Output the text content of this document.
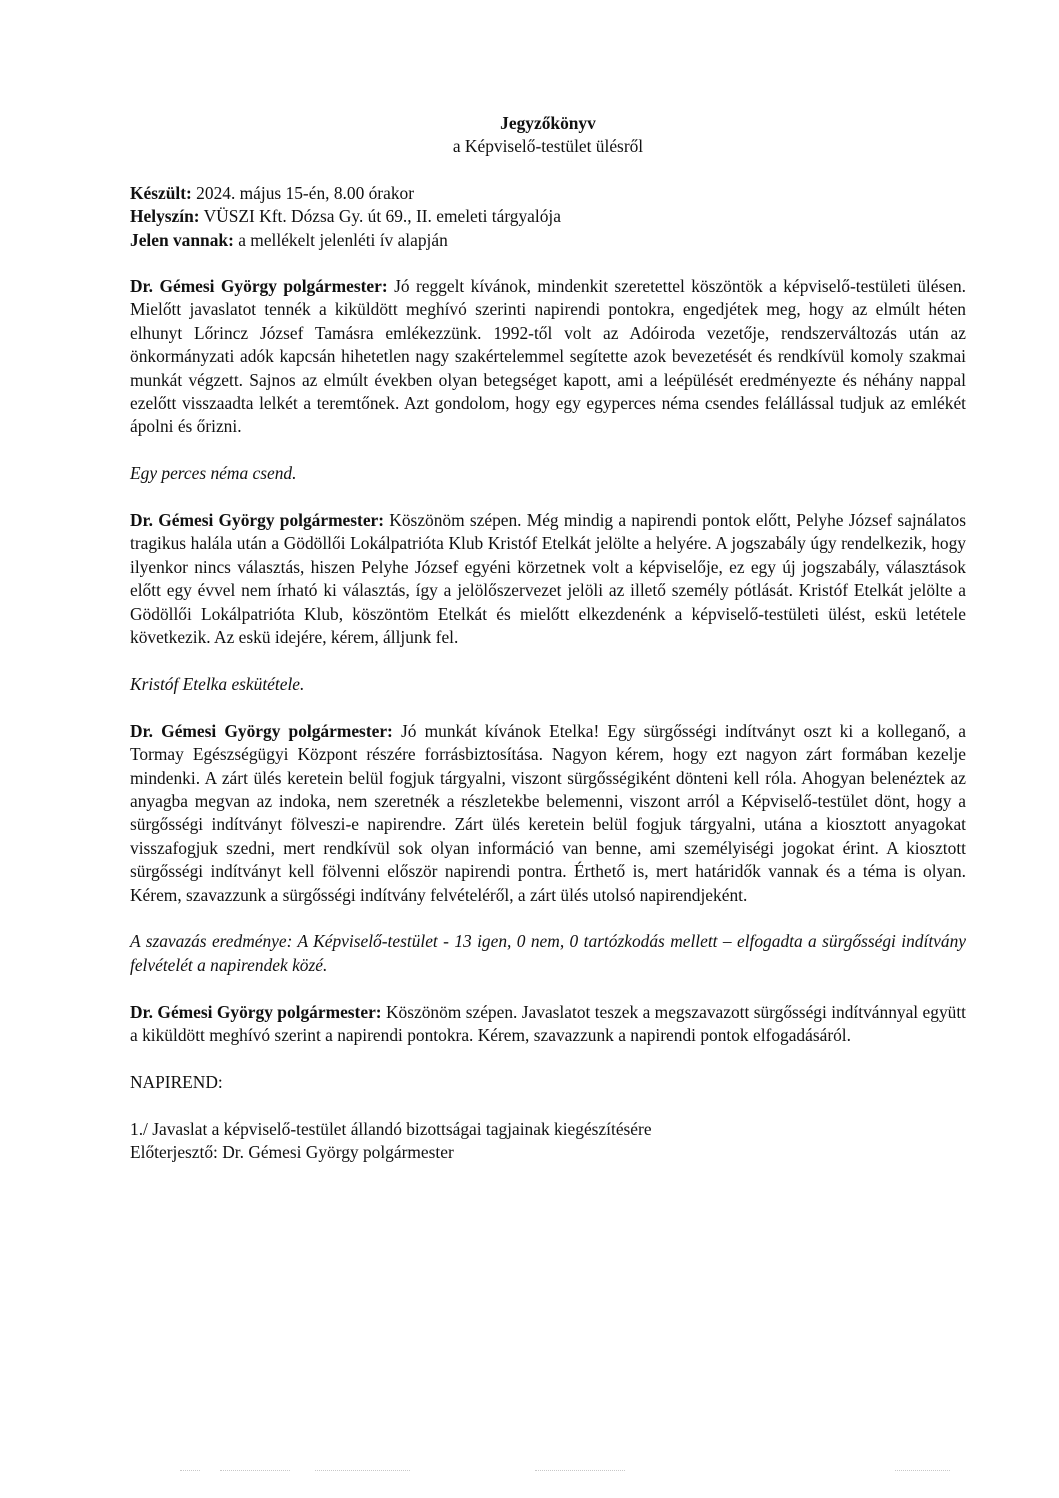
Jegyzőkönyv

a Képviselő-testület ülésről

Készült: 2024. május 15-én, 8.00 órakor

Helyszín: VÜSZI Kft. Dózsa Gy. út 69., II. emeleti tárgyalója

Jelen vannak: a mellékelt jelenléti ív alapján

Dr. Gémesi György polgármester: Jó reggelt kívánok, mindenkit szeretettel köszöntök a képviselő-testületi ülésen. Mielőtt javaslatot tennék a kiküldött meghívó szerinti napirendi pontokra, engedjétek meg, hogy az elmúlt héten elhunyt Lőrincz József Tamásra emlékezzünk. 1992-től volt az Adóiroda vezetője, rendszerváltozás után az önkormányzati adók kapcsán hihetetlen nagy szakértelemmel segítette azok bevezetését és rendkívül komoly szakmai munkát végzett. Sajnos az elmúlt években olyan betegséget kapott, ami a leépülését eredményezte és néhány nappal ezelőtt visszaadta lelkét a teremtőnek. Azt gondolom, hogy egy egyperces néma csendes felállással tudjuk az emlékét ápolni és őrizni.

Egy perces néma csend.

Dr. Gémesi György polgármester: Köszönöm szépen. Még mindig a napirendi pontok előtt, Pelyhe József sajnálatos tragikus halála után a Gödöllői Lokálpatrióta Klub Kristóf Etelkát jelölte a helyére. A jogszabály úgy rendelkezik, hogy ilyenkor nincs választás, hiszen Pelyhe József egyéni körzetnek volt a képviselője, ez egy új jogszabály, választások előtt egy évvel nem írható ki választás, így a jelölőszervezet jelöli az illető személy pótlását. Kristóf Etelkát jelölte a Gödöllői Lokálpatrióta Klub, köszöntöm Etelkát és mielőtt elkezdenénk a képviselő-testületi ülést, eskü letétele következik. Az eskü idejére, kérem, álljunk fel.

Kristóf Etelka eskütétele.

Dr. Gémesi György polgármester: Jó munkát kívánok Etelka! Egy sürgősségi indítványt oszt ki a kolleganő, a Tormay Egészségügyi Központ részére forrásbiztosítása. Nagyon kérem, hogy ezt nagyon zárt formában kezelje mindenki. A zárt ülés keretein belül fogjuk tárgyalni, viszont sürgősségiként dönteni kell róla. Ahogyan belenéztek az anyagba megvan az indoka, nem szeretnék a részletekbe belemenni, viszont arról a Képviselő-testület dönt, hogy a sürgősségi indítványt fölveszi-e napirendre. Zárt ülés keretein belül fogjuk tárgyalni, utána a kiosztott anyagokat visszafogjuk szedni, mert rendkívül sok olyan információ van benne, ami személyiségi jogokat érint. A kiosztott sürgősségi indítványt kell fölvenni először napirendi pontra. Érthető is, mert határidők vannak és a téma is olyan. Kérem, szavazzunk a sürgősségi indítvány felvételéről, a zárt ülés utolsó napirendjeként.

A szavazás eredménye: A Képviselő-testület - 13 igen, 0 nem, 0 tartózkodás mellett – elfogadta a sürgősségi indítvány felvételét a napirendek közé.

Dr. Gémesi György polgármester: Köszönöm szépen. Javaslatot teszek a megszavazott sürgősségi indítvánnyal együtt a kiküldött meghívó szerint a napirendi pontokra. Kérem, szavazzunk a napirendi pontok elfogadásáról.

NAPIREND:

1./ Javaslat a képviselő-testület állandó bizottságai tagjainak kiegészítésére

Előterjesztő: Dr. Gémesi György polgármester
